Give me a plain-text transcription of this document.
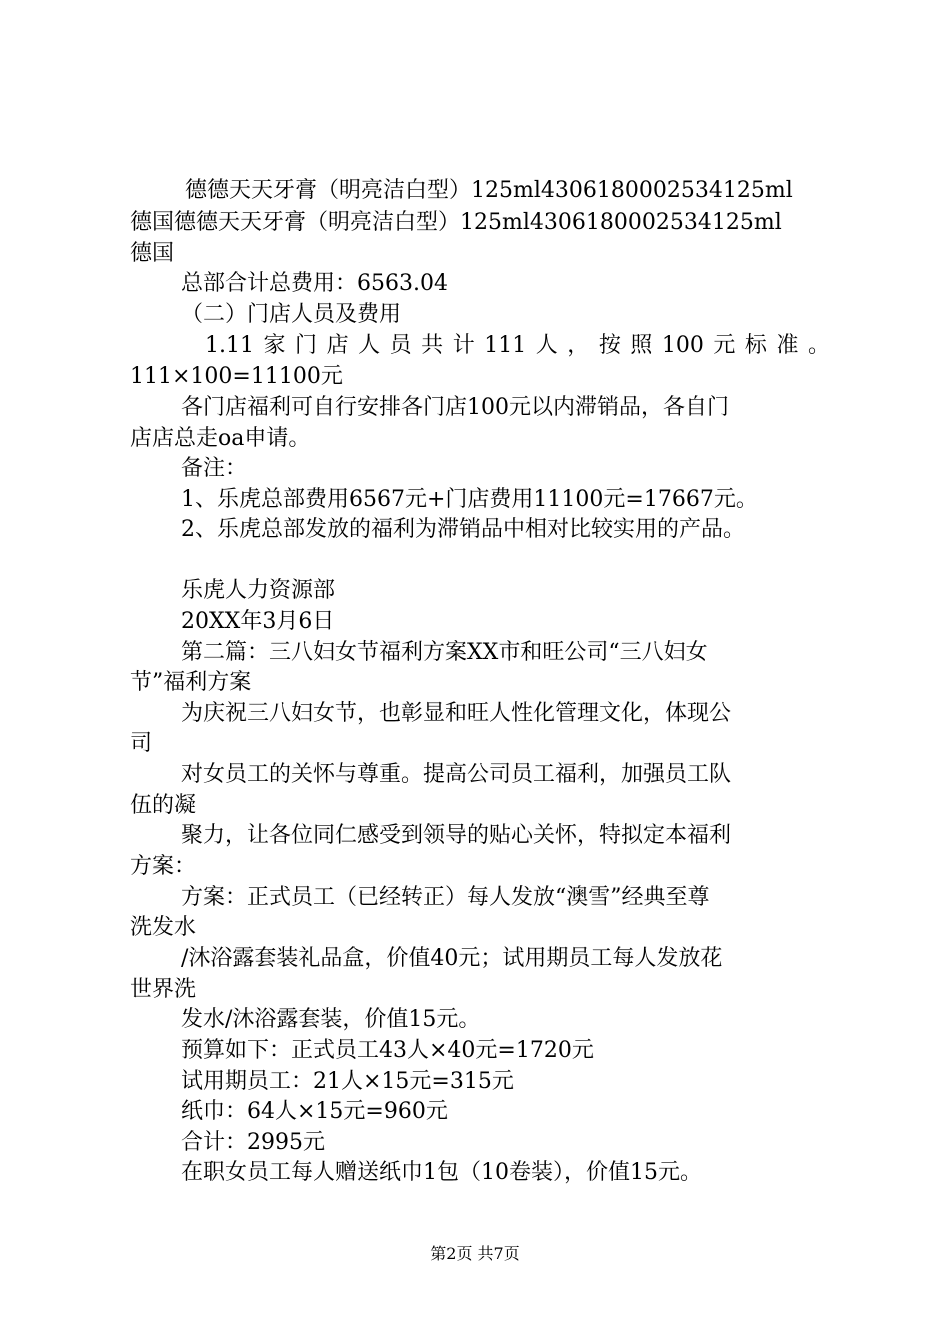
德德天天牙膏（明亮洁白型）125ml4306180002534125ml

德国德德天天牙膏（明亮洁白型）125ml4306180002534125ml

德国

总部合计总费用：6563.04

（二）门店人员及费用

1.11家门店人员共计111人，按照100元标准。

111×100=11100元

各门店福利可自行安排各门店100元以内滞销品，各自门

店店总走oa申请。

备注：

1、乐虎总部费用6567元+门店费用11100元=17667元。

2、乐虎总部发放的福利为滞销品中相对比较实用的产品。

乐虎人力资源部

20XX年3月6日

第二篇：三八妇女节福利方案XX市和旺公司“三八妇女

节”福利方案

为庆祝三八妇女节，也彰显和旺人性化管理文化，体现公

司

对女员工的关怀与尊重。提高公司员工福利，加强员工队

伍的凝

聚力，让各位同仁感受到领导的贴心关怀，特拟定本福利

方案：

方案：正式员工（已经转正）每人发放“澳雪”经典至尊

洗发水

/沐浴露套装礼品盒，价值40元；试用期员工每人发放花

世界洗

发水/沐浴露套装，价值15元。

预算如下：正式员工43人×40元=1720元

试用期员工：21人×15元=315元

纸巾：64人×15元=960元

合计：2995元

在职女员工每人赠送纸巾1包（10卷装），价值15元。

第2页 共7页
